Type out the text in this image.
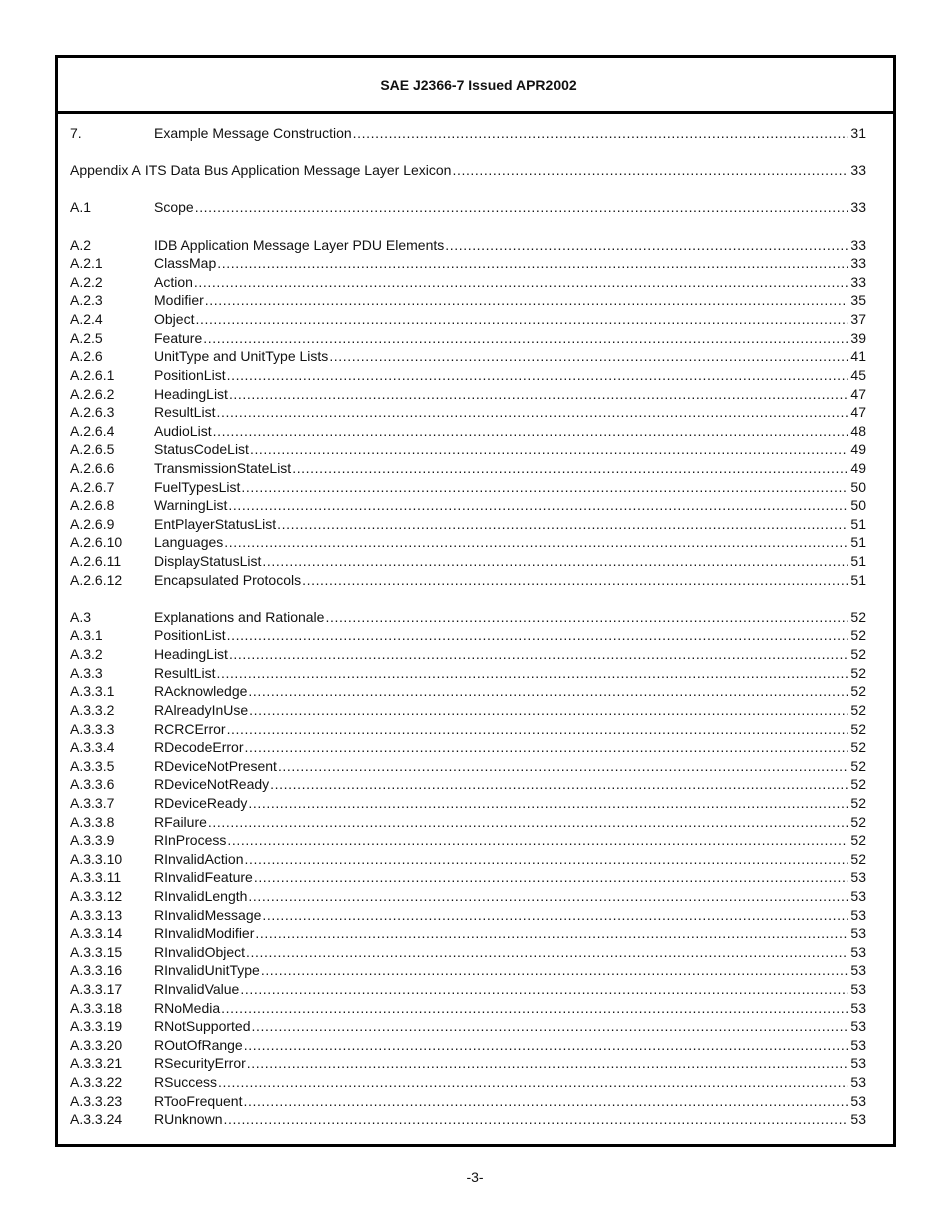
SAE J2366-7 Issued APR2002
7.	Example Message Construction .....	31
Appendix A ITS Data Bus Application Message Layer Lexicon .....	33
A.1	Scope .....	33
A.2	IDB Application Message Layer PDU Elements .....	33
A.2.1	ClassMap .....	33
A.2.2	Action .....	33
A.2.3	Modifier .....	35
A.2.4	Object .....	37
A.2.5	Feature .....	39
A.2.6	UnitType and UnitType Lists .....	41
A.2.6.1	PositionList .....	45
A.2.6.2	HeadingList .....	47
A.2.6.3	ResultList .....	47
A.2.6.4	AudioList .....	48
A.2.6.5	StatusCodeList .....	49
A.2.6.6	TransmissionStateList .....	49
A.2.6.7	FuelTypesList .....	50
A.2.6.8	WarningList .....	50
A.2.6.9	EntPlayerStatusList .....	51
A.2.6.10	Languages .....	51
A.2.6.11	DisplayStatusList .....	51
A.2.6.12	Encapsulated Protocols .....	51
A.3	Explanations and Rationale .....	52
A.3.1	PositionList .....	52
A.3.2	HeadingList .....	52
A.3.3	ResultList .....	52
A.3.3.1	RAcknowledge .....	52
A.3.3.2	RAlreadyInUse .....	52
A.3.3.3	RCRCError .....	52
A.3.3.4	RDecodeError .....	52
A.3.3.5	RDeviceNotPresent .....	52
A.3.3.6	RDeviceNotReady .....	52
A.3.3.7	RDeviceReady .....	52
A.3.3.8	RFailure .....	52
A.3.3.9	RInProcess .....	52
A.3.3.10	RInvalidAction .....	52
A.3.3.11	RInvalidFeature .....	53
A.3.3.12	RInvalidLength .....	53
A.3.3.13	RInvalidMessage .....	53
A.3.3.14	RInvalidModifier .....	53
A.3.3.15	RInvalidObject .....	53
A.3.3.16	RInvalidUnitType .....	53
A.3.3.17	RInvalidValue .....	53
A.3.3.18	RNoMedia .....	53
A.3.3.19	RNotSupported .....	53
A.3.3.20	ROutOfRange .....	53
A.3.3.21	RSecurityError .....	53
A.3.3.22	RSuccess .....	53
A.3.3.23	RTooFrequent .....	53
A.3.3.24	RUnknown .....	53
-3-
